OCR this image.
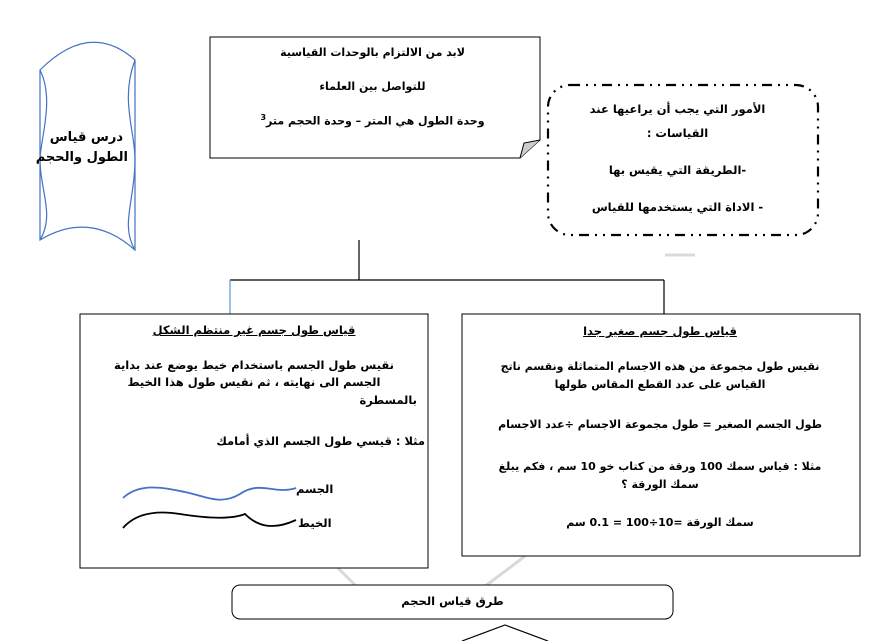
درس قياس
الطول والحجم
لابد من الالتزام بالوحدات القياسية
للتواصل بين العلماء
وحدة الطول هي المتر – وحدة الحجم متر$^3$
الأمور التي يجب أن يراعيها عند
القياسات :
-الطريقة التي يقيس بها
- الاداة التي يستخدمها للقياس
قياس طول جسم غير منتظم الشكل
نقيس طول الجسم باستخدام خيط يوضع عند بداية
الجسم الى نهايته ، ثم نقيس طول هذا الخيط
بالمسطرة
مثلا : قيسي طول الجسم الذي أمامك
الجسم
الخيط
قياس طول جسم صغير جدا
نقيس طول مجموعة من هذه الاجسام المتماثلة ونقسم ناتج
القياس على عدد القطع المقاس طولها
طول الجسم الصغير = طول مجموعة الاجسام ÷عدد الاجسام
مثلا : قياس سمك 100 ورقة من كتاب خو 10 سم ، فكم يبلغ
سمك الورقة ؟
سمك الورقة =10÷100 = 0.1 سم
طرق قياس الحجم
